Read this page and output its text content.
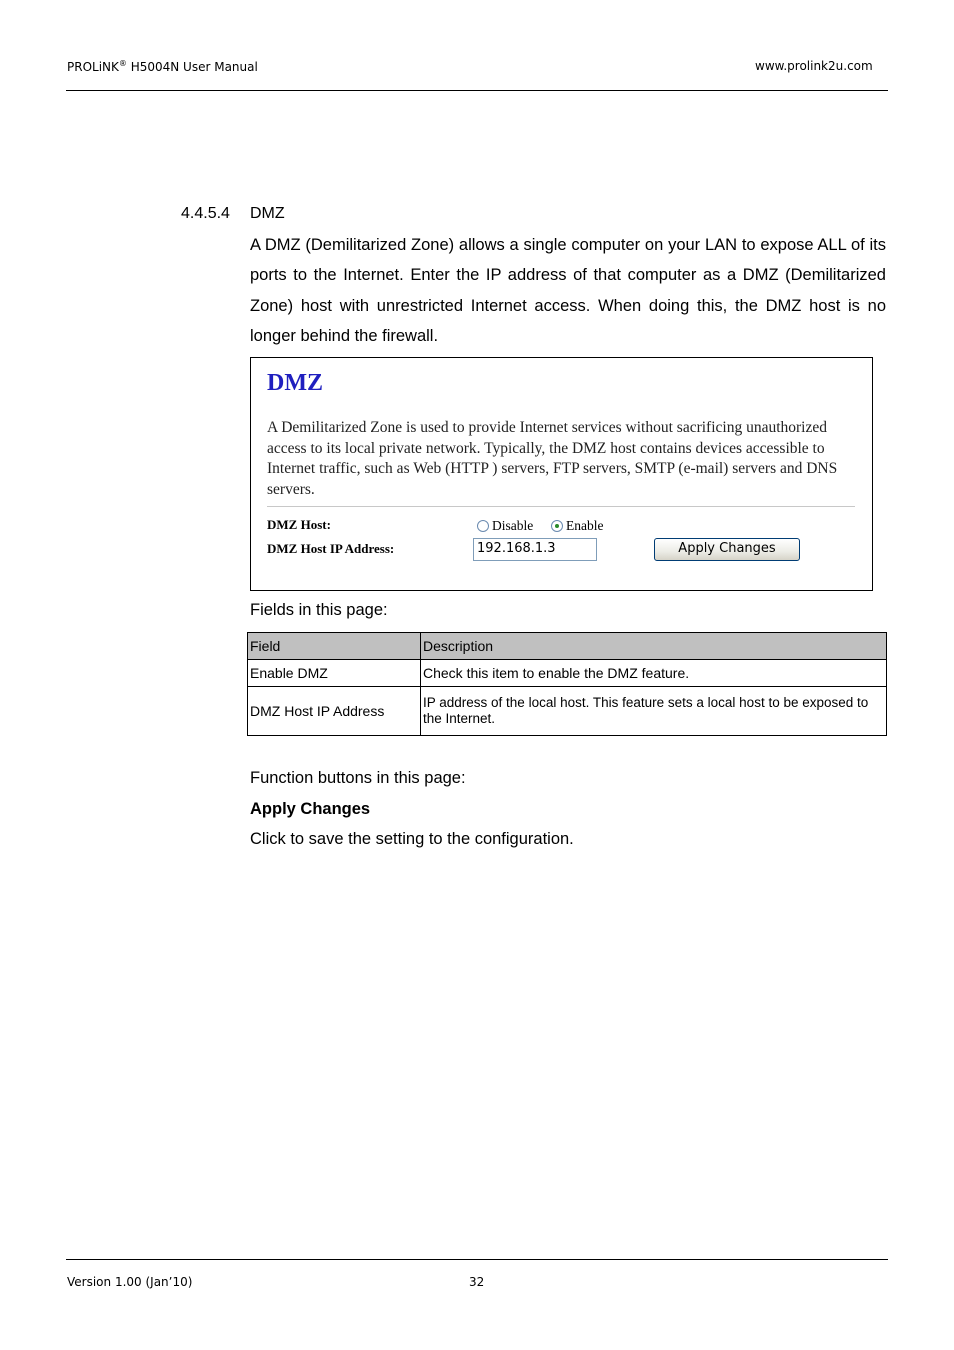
PROLiNK® H5004N User Manual	www.prolink2u.com
4.4.5.4 DMZ
A DMZ (Demilitarized Zone) allows a single computer on your LAN to expose ALL of its ports to the Internet. Enter the IP address of that computer as a DMZ (Demilitarized Zone) host with unrestricted Internet access. When doing this, the DMZ host is no longer behind the firewall.
DMZ
A Demilitarized Zone is used to provide Internet services without sacrificing unauthorized access to its local private network. Typically, the DMZ host contains devices accessible to Internet traffic, such as Web (HTTP ) servers, FTP servers, SMTP (e-mail) servers and DNS servers.
DMZ Host:	Disable Enable
DMZ Host IP Address:	192.168.1.3	Apply Changes
Fields in this page:
Field	Description
Enable DMZ	Check this item to enable the DMZ feature.
DMZ Host IP Address	IP address of the local host. This feature sets a local host to be exposed to the Internet.
Function buttons in this page:
Apply Changes
Click to save the setting to the configuration.
Version 1.00 (Jan’10)	32
